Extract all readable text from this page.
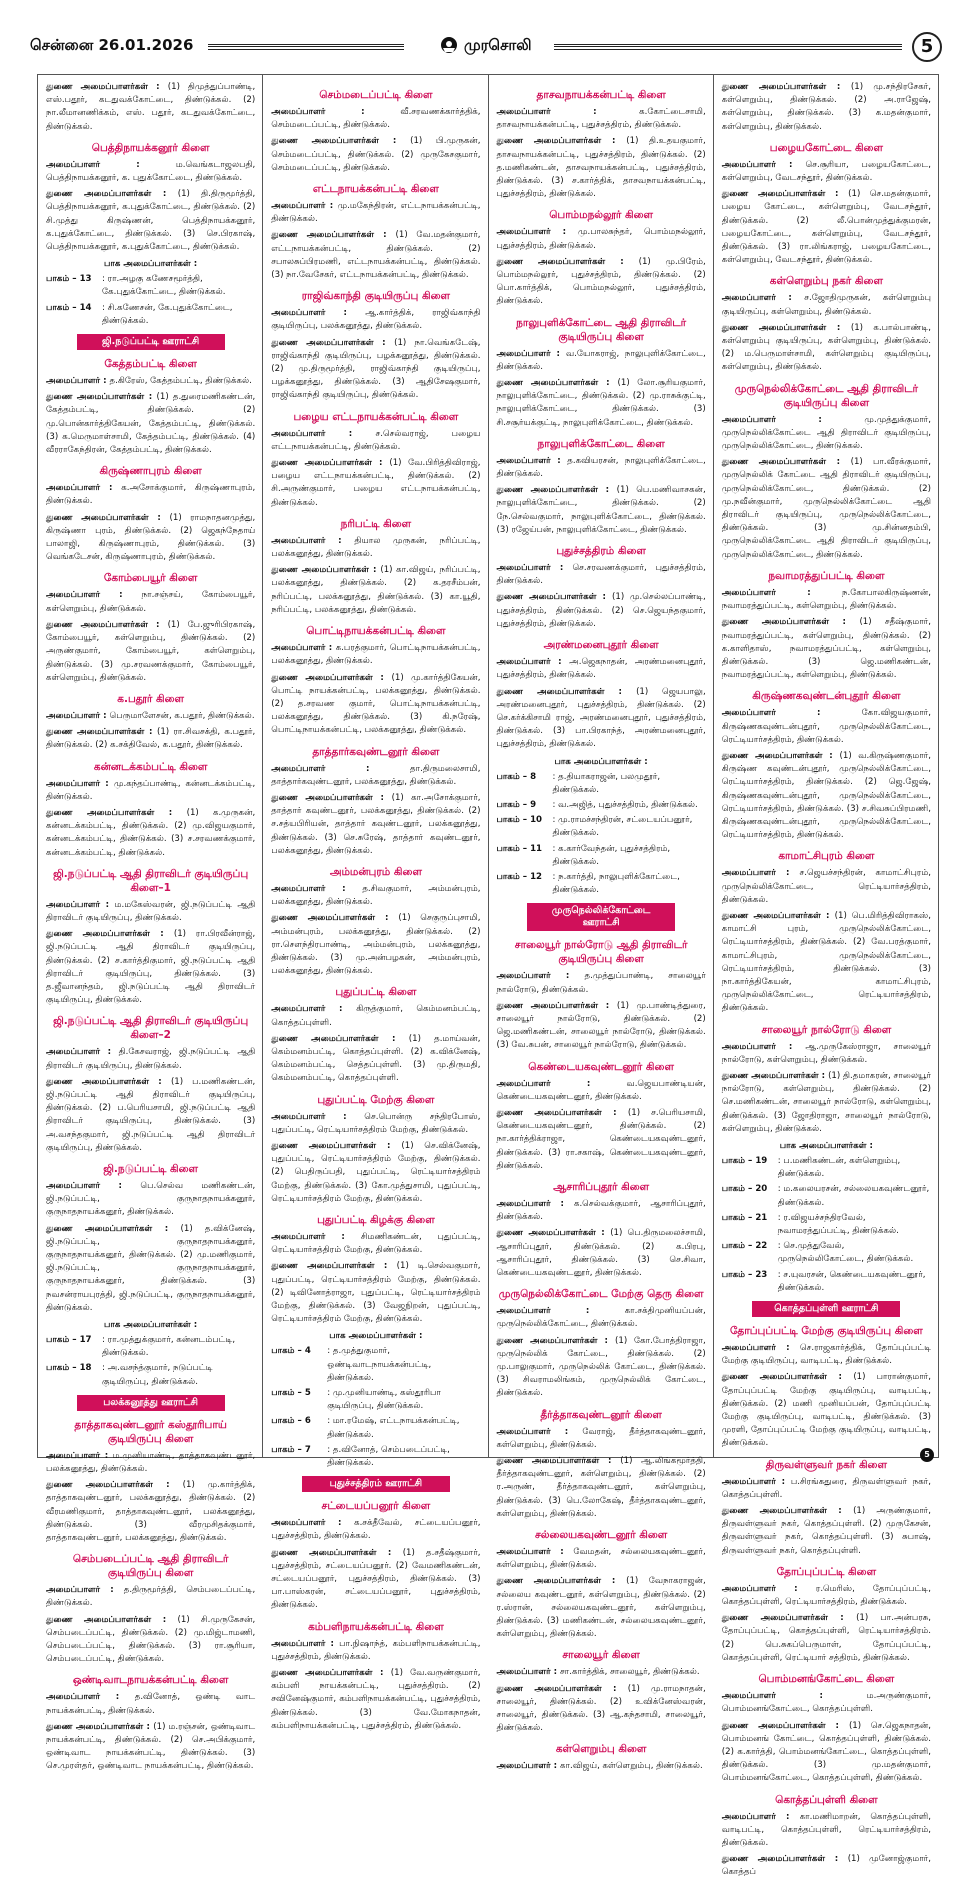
சென்னை 26.01.2026	முரசொலி	5

துணை அமைப்பாளர்கள் : (1) திமுத்துப்பாண்டி, எஸ்.பதூர், கடதுவக்கோட்டை, திண்டுக்கல். (2) நா.லீமானணிக்கம், எஸ். பதூர், கடதுவக்கோட்டை, திண்டுக்கல்.

பெத்திநாயக்கனூர் கிளை

அமைப்பாளர் : ம.வெங்கடாஜலபதி, பெத்திநாயக்கனூர், க. புதுக்கோட்டை, திண்டுக்கல்.

துணை அமைப்பாளர்கள் : (1) தி.திருமூர்த்தி, பெத்திநாயக்கனூர், க.புதுக்கோட்டை, திண்டுக்கல். (2) சி.முத்து கிருஷ்ணன், பெத்திநாயக்கனூர், க.புதுக்கோட்டை, திண்டுக்கல். (3) செ.பிரகாஷ், பெத்திநாயக்கனூர், க.புதுக்கோட்டை, திண்டுக்கல்.

பாக அமைப்பாளர்கள் :
பாகம் – 13	: ரா.அழகு கணேசமூர்த்தி, கே.புதுக்கோட்டை, திண்டுக்கல்.
பாகம் – 14	: சி.கணேசன், கே.புதுக்கோட்டை, திண்டுக்கல்.
ஜி.நடுப்பட்டி ஊராட்சி
கேத்தம்பட்டி கிளை

அமைப்பாளர் : த.கிரேஸ், கேத்தம்பட்டி, திண்டுக்கல்.

துணை அமைப்பாளர்கள் : (1) த.துரைமணிகண்டன், கேத்தம்பட்டி, திண்டுக்கல். (2) மு.பொன்கார்த்திகேயன், கேத்தம்பட்டி, திண்டுக்கல். (3) க.மெருமாள்சாமி, கேத்தம்பட்டி, திண்டுக்கல். (4) வீரராகேந்திரன், கேத்தம்பட்டி, திண்டுக்கல்.

கிருஷ்ணாபுரம் கிளை

அமைப்பாளர் : க.அசோக்குமார், கிருஷ்ணாபுரம், திண்டுக்கல்.

துணை அமைப்பாளர்கள் : (1) ராமநாதனமுத்து, கிருஷ்ணா புரம், திண்டுக்கல். (2) ஜெகந்நேதாய் பாலாஜி, கிருஷ்ணாபுரம், திண்டுக்கல். (3) வெங்கடேசன், கிருஷ்ணாபுரம், திண்டுக்கல்.

கோம்பையூர் கிளை

அமைப்பாளர் : நா.சஞ்சய், கோம்பையூர், கள்ளெறும்பு, திண்டுக்கல்.

துணை அமைப்பாளர்கள் : (1) பே.ஜுரிபிரகாஷ், கோம்பையூர், கள்ளெறும்பு, திண்டுக்கல். (2) அருண்குமார், கோம்பையூர், கள்ளெறும்பு, திண்டுக்கல். (3) மு.சரவணக்குமார், கோம்பையூர், கள்ளெறும்பு, திண்டுக்கல்.

க.பதூர் கிளை

அமைப்பாளர் : பெருமாளேசன், க.பதூர், திண்டுக்கல்.

துணை அமைப்பாளர்கள் : (1) ரா.சிவசக்தி, க.பதூர், திண்டுக்கல். (2) க.சக்திவேல், க.பதூர், திண்டுக்கல்.

கன்னடக்கம்பட்டி கிளை

அமைப்பாளர் : மு.கந்தப்பாண்டி, கன்னடக்கம்பட்டி, திண்டுக்கல்.

துணை அமைப்பாளர்கள் : (1) க.முருகன், கன்னடக்கம்பட்டி, திண்டுக்கல். (2) மு.விஜயகுமார், கன்னடக்கம்பட்டி, திண்டுக்கல். (3) ச.சரவணக்குமார், கன்னடக்கம்பட்டி, திண்டுக்கல்.

ஜி.நடுப்பட்டி ஆதி திராவிடர் குடியிருப்பு கிளை–1

அமைப்பாளர் : ம.மகேஸ்வரன், ஜி.நடுப்பட்டி ஆதி திராவிடர் குடியிருப்பு, திண்டுக்கல்.

துணை அமைப்பாளர்கள் : (1) ரா.பிரவீன்ராஜ், ஜி.நடுப்பட்டி ஆதி திராவிடர் குடியிருப்பு, திண்டுக்கல். (2) ச.கார்த்திகுமார், ஜி.நடுப்பட்டி ஆதி திராவிடர் குடியிருப்பு, திண்டுக்கல். (3) த.ஜீவானந்தம், ஜி.நடுப்பட்டி ஆதி திராவிடர் குடியிருப்பு, திண்டுக்கல்.

ஜி.நடுப்பட்டி ஆதி திராவிடர் குடியிருப்பு கிளை–2

அமைப்பாளர் : தி.கேசவராஜ், ஜி.நடுப்பட்டி ஆதி திராவிடர் குடியிருப்பு, திண்டுக்கல்.

துணை அமைப்பாளர்கள் : (1) ப.மணிகண்டன், ஜி.நடுப்பட்டி ஆதி திராவிடர் குடியிருப்பு, திண்டுக்கல். (2) ப.பெரியசாமி, ஜி.நடுப்பட்டி ஆதி திராவிடர் குடியிருப்பு, திண்டுக்கல். (3) அ.வசந்தகுமார், ஜி.நடுப்பட்டி ஆதி திராவிடர் குடியிருப்பு, திண்டுக்கல்.

ஜி.நடுப்பட்டி கிளை

அமைப்பாளர் : பெ.செல்வ மணிகண்டன், ஜி.நடுப்பட்டி, குருநாதநாயக்கனூர், குருநாதநாயக்கனூர், திண்டுக்கல்.

துணை அமைப்பாளர்கள் : (1) த.விக்னேஷ், ஜி.நடுப்பட்டி, குருநாதநாயக்கனூர், குருநாதநாயக்கனூர், திண்டுக்கல். (2) மு.மணிகுமார், ஜி.நடுப்பட்டி, குருநாதநாயக்கனூர், குருநாதநாயக்கனூர், திண்டுக்கல். (3) நவசன்ராயபுரத்தி, ஜி.நடுப்பட்டி, குருநாதநாயக்கனூர், திண்டுக்கல்.

பாக அமைப்பாளர்கள் :
பாகம் – 17	: ரா.முத்துக்குமார், கன்னடம்பட்டி, திண்டுக்கல்.
பாகம் – 18	: அ.வசந்த்குமார், நடுப்பட்டி குடியிருப்பு, திண்டுக்கல்.
பலக்கனூத்து ஊராட்சி
தாத்தாகவுண்டனூர் கஸ்தூரிபாய் குடியிருப்பு கிளை

அமைப்பாளர் : ம.முனியாண்டி, தாத்தாகவுண்டனூர், பலக்கனூத்து, திண்டுக்கல்.

துணை அமைப்பாளர்கள் : (1) மு.கார்த்திக், தாத்தாகவுண்டனூர், பலக்கனூத்து, திண்டுக்கல். (2) வீரமணிகுமார், தாத்தாகவுண்டனூர், பலக்கனூத்து, திண்டுக்கல். (3) வீரமுசிதக்குமார், தாத்தாகவுண்டனூர், பலக்கனூத்து, திண்டுக்கல்.

செம்படைப்பட்டி ஆதி திராவிடர் குடியிருப்பு கிளை

அமைப்பாளர் : த.திருமூர்த்தி, செம்படைப்பட்டி, திண்டுக்கல்.

துணை அமைப்பாளர்கள் : (1) சி.முருகேசன், செம்படைப்பட்டி, திண்டுக்கல். (2) மு.மிஜ்டாமணி, செம்படைப்பட்டி, திண்டுக்கல். (3) ரா.சூரியா, செம்படைப்பட்டி, திண்டுக்கல்.

ஒண்டிவாடநாயக்கன்பட்டி கிளை

அமைப்பாளர் : த.வினோத், ஒண்டி வாட நாயக்கன்பட்டி, திண்டுக்கல்.

துணை அமைப்பாளர்கள் : (1) ம.ரஞ்சன், ஒண்டிவாட நாயக்கன்பட்டி, திண்டுக்கல். (2) செ.அபிக்குமார், ஒண்டிவாட நாயக்கன்பட்டி, திண்டுக்கல். (3) செ.முரள்தர், ஒண்டிவாட நாயக்கன்பட்டி, திண்டுக்கல்.

செம்மடைப்பட்டி கிளை

அமைப்பாளர் : வீ.சரவணக்கார்த்திக், செம்மடைப்பட்டி, திண்டுக்கல்.

துணை அமைப்பாளர்கள் : (1) பி.முருகன், செம்மடைப்பட்டி, திண்டுக்கல். (2) முருகேசகுமார், செம்மடைப்பட்டி, திண்டுக்கல்.

எட்டநாயக்கன்பட்டி கிளை

அமைப்பாளர் : மு.மகேந்திரன், எட்டநாயக்கன்பட்டி, திண்டுக்கல்.

துணை அமைப்பாளர்கள் : (1) வே.மதன்குமார், எட்டநாயக்கன்பட்டி, திண்டுக்கல். (2) சபாலசுப்பிரமணி, எட்டநாயக்கன்பட்டி, திண்டுக்கல். (3) நா.வேசேகர், எட்டநாயக்கன்பட்டி, திண்டுக்கல்.

ராஜிவ்காந்தி குடியிருப்பு கிளை

அமைப்பாளர் : ஆ.கார்த்திக், ராஜிவ்காந்தி குடியிருப்பு, பலக்கனூத்து, திண்டுக்கல்.

துணை அமைப்பாளர்கள் : (1) நா.வெங்கடேஷ், ராஜிவ்காந்தி குடியிருப்பு, பழக்கனூத்து, திண்டுக்கல். (2) மு.திருமூர்த்தி, ராஜிவ்காந்தி குடியிருப்பு, பழக்கனூத்து, திண்டுக்கல். (3) ஆதிசேஷகுமார், ராஜிவ்காந்தி குடியிருப்பு, திண்டுக்கல்.

பழைய எட்டநாயக்கன்பட்டி கிளை

அமைப்பாளர் : ச.செல்வராஜ், பழைய எட்டநாயக்கன்பட்டி, திண்டுக்கல்.

துணை அமைப்பாளர்கள் : (1) வே.பிரித்திவிராஜ், பழைய எட்டநாயக்கன்பட்டி, திண்டுக்கல். (2) சி.அருண்குமார், பழைய எட்டநாயக்கன்பட்டி, திண்டுக்கல்.

நரிபட்டி கிளை

அமைப்பாளர் : தியால முருகன், நரிப்பட்டி, பலக்கனூத்து, திண்டுக்கல்.

துணை அமைப்பாளர்கள் : (1) கா.விஜய், நரிப்பட்டி, பலக்கனூத்து, திண்டுக்கல். (2) க.தரசீம்பன், நரிப்பட்டி, பலக்கனூத்து, திண்டுக்கல். (3) கா.யூதி, நரிப்பட்டி, பலக்கனூத்து, திண்டுக்கல்.

பொட்டிநாயக்கன்பட்டி கிளை

அமைப்பாளர் : க.பரத்குமார், பொட்டிநாயக்கன்பட்டி, பலக்கனூத்து, திண்டுக்கல்.

துணை அமைப்பாளர்கள் : (1) மு.கார்த்திகேயன், பொட்டி நாயக்கன்பட்டி, பலக்கனூத்து, திண்டுக்கல். (2) த.சரவண குமார், பொட்டிநாயக்கன்பட்டி, பலக்கனூத்து, திண்டுக்கல். (3) கி.நரேஷ், பொட்டிநாயக்கன்பட்டி, பலக்கனூத்து, திண்டுக்கல்.

தாத்தார்கவுண்டனூர் கிளை

அமைப்பாளர் : தா.திருமலைசாமி, தாத்தார்கவுண்டனூர், பலக்கனூத்து, திண்டுக்கல்.

துணை அமைப்பாளர்கள் : (1) கா.அசோக்குமார், தாத்தார் கவுண்டனூர், பலக்கனூத்து, திண்டுக்கல். (2) ச.சத்யபிரியன், தாத்தார் கவுண்டனூர், பலக்கனூத்து, திண்டுக்கல். (3) செ.சுரேஷ், தாத்தார் கவுண்டனூர், பலக்கனூத்து, திண்டுக்கல்.

அம்மன்புரம் கிளை

அமைப்பாளர் : த.சிவகுமார், அம்மன்புரம், பலக்கனூத்து, திண்டுக்கல்.

துணை அமைப்பாளர்கள் : (1) செகுருப்புசாமி, அம்மன்புரம், பலக்கனூத்து, திண்டுக்கல். (2) ரா.சௌந்திரபாண்டி, அம்மன்புரம், பலக்கனூத்து, திண்டுக்கல். (3) மு.அன்பழகன், அம்மன்புரம், பலக்கனூத்து, திண்டுக்கல்.

புதுப்பட்டி கிளை

அமைப்பாளர் : கிருத்குமார், கெம்மனம்பட்டி, கொத்தப்புள்ளி.

துணை அமைப்பாளர்கள் : (1) த.மாய்வன், கெம்மனம்பட்டி, கொத்தப்புள்ளி. (2) க.விக்னேஷ், கெம்மனம்பட்டி, செத்தப்புள்ளி. (3) மு.திருமதி, கெம்மனம்பட்டி, கொத்தப்புள்ளி.

புதுப்பட்டி மேற்கு கிளை

அமைப்பாளர் : செ.பொன்ரு சந்திரபோஸ், புதுப்பட்டி, ரெட்டியார்சத்திரம் மேற்கு, திண்டுக்கல்.

துணை அமைப்பாளர்கள் : (1) செ.விக்னேஷ், புதுப்பட்டி, ரெட்டியார்சத்திரம் மேற்கு, திண்டுக்கல். (2) பெதிருப்பதி, புதுப்பட்டி, ரெட்டியார்சத்திரம் மேற்கு, திண்டுக்கல். (3) கோ.முத்துசாமி, புதுப்பட்டி, ரெட்டியார்சத்திரம் மேற்கு, திண்டுக்கல்.

புதுப்பட்டி கிழக்கு கிளை

அமைப்பாளர் : சிமணிகண்டன், புதுப்பட்டி, ரெட்டியார்சத்திரம் மேற்கு, திண்டுக்கல்.

துணை அமைப்பாளர்கள் : (1) டி.செல்வகுமார், புதுப்பட்டி, ரெட்டியார்சத்திரம் மேற்கு, திண்டுக்கல். (2) டிவினோத்ராஜா, புதுப்பட்டி, ரெட்டியார்சத்திரம் மேற்கு, திண்டுக்கல். (3) வேஜநிறன், புதுப்பட்டி, ரெட்டியார்சத்திரம் மேற்கு, திண்டுக்கல்.

பாக அமைப்பாளர்கள் :
பாகம் – 4	: த.முத்துகுமார், ஒண்டிவாடநாயக்கன்பட்டி, திண்டுக்கல்.
பாகம் – 5	: மு.முனியாண்டி, கஸ்தூரிபா குடியிருப்பு, திண்டுக்கல்.
பாகம் – 6	: மா.ரமேஷ், எட்டநாயக்கன்பட்டி, திண்டுக்கல்.
பாகம் – 7	: த.வினோத், செம்படைப்பட்டி, திண்டுக்கல்.
புதுச்சத்திரம் ஊராட்சி
சட்டையப்பனூர் கிளை

அமைப்பாளர் : க.சக்தீவேல், சட்டையப்பனூர், புதுச்சத்திரம், திண்டுக்கல்.

துணை அமைப்பாளர்கள் : (1) த.சதீஷ்குமார், புதுச்சத்திரம், சட்டையப்பனூர். (2) வேமணிகண்டன், சட்டையப்பனூர், புதுச்சத்திரம், திண்டுக்கல். (3) பா.பாஸ்கரன், சட்டையப்பனூர், புதுச்சத்திரம், திண்டுக்கல்.

கம்பளிநாயக்கன்பட்டி கிளை

அமைப்பாளர் : பா.நிஷாந்த், கம்பளிநாயக்கன்பட்டி, புதுச்சத்திரம், திண்டுக்கல்.

துணை அமைப்பாளர்கள் : (1) வே.வருண்குமார், கம்பளி நாயக்கன்பட்டி, புதுச்சத்திரம். (2) சவினேஷ்குமார், கம்பளிநாயக்கன்பட்டி, புதுச்சத்திரம், திண்டுக்கல். (3) வே.மோகநாதன், கம்பளிநாயக்கன்பட்டி, புதுச்சத்திரம், திண்டுக்கல்.

தாசவநாயக்கன்பட்டி கிளை

அமைப்பாளர் : க.கோட்டைசாமி, தாசவநாயக்கன்பட்டி, புதுச்சத்திரம், திண்டுக்கல்.

துணை அமைப்பாளர்கள் : (1) தி.உதயகுமார், தாசவநாயக்கன்பட்டி, புதுச்சத்திரம், திண்டுக்கல். (2) த.மணிகண்டன், தாசவநாயக்கன்பட்டி, புதுச்சத்திரம், திண்டுக்கல். (3) ச.கார்த்திக், தாசவநாயக்கன்பட்டி, புதுச்சத்திரம், திண்டுக்கல்.

பொம்மநல்லூர் கிளை

அமைப்பாளர் : மு.பாலசுந்தர், பொம்மநல்லூர், புதுச்சத்திரம், திண்டுக்கல்.

துணை அமைப்பாளர்கள் : (1) மு.பிரேம், பொம்மநல்லூர், புதுச்சத்திரம், திண்டுக்கல். (2) பொ.கார்த்திக், பொம்மநல்லூர், புதுச்சத்திரம், திண்டுக்கல்.

நாலுபுளிக்கோட்டை ஆதி திராவிடர் குடியிருப்பு கிளை

அமைப்பாளர் : வ.யோகராஜ், நாலுபுளிக்கோட்டை, திண்டுக்கல்.

துணை அமைப்பாளர்கள் : (1) லோ.சூரியகுமார், நாலுபுளிக்கோட்டை, திண்டுக்கல். (2) மு.ராசுக்குட்டி, நாலுபுளிக்கோட்டை, திண்டுக்கல். (3) சி.சசூர்யக்குட்டி, நாலுபுளிக்கோட்டை, திண்டுக்கல்.

நாலுபுளிக்கோட்டை கிளை

அமைப்பாளர் : த.கவியரசன், நாலுபுளிக்கோட்டை, திண்டுக்கல்.

துணை அமைப்பாளர்கள் : (1) பெ.மணிவாசகன், நாலுபுளிக்கோட்டை, திண்டுக்கல். (2) நே.செல்வகுமார், நாலுபுளிக்கோட்டை, திண்டுக்கல். (3) ரஜேய்பன், நாலுபுளிக்கோட்டை, திண்டுக்கல்.

புதுச்சத்திரம் கிளை

அமைப்பாளர் : செ.சரவணக்குமார், புதுச்சத்திரம், திண்டுக்கல்.

துணை அமைப்பாளர்கள் : (1) மு.செல்லப்பாண்டி, புதுச்சத்திரம், திண்டுக்கல். (2) செ.ஜெயந்தகுமார், புதுச்சத்திரம், திண்டுக்கல்.

அரண்மனைபுதூர் கிளை

அமைப்பாளர் : அ.ஜெகநாதன், அரண்மனைபுதூர், புதுச்சத்திரம், திண்டுக்கல்.

துணை அமைப்பாளர்கள் : (1) ஜெயபாலு, அரண்மனைபுதூர், புதுச்சத்திரம், திண்டுக்கல். (2) செ.கர்க்கிசாமி ராஜ், அரண்மனைபுதூர், புதுச்சத்திரம், திண்டுக்கல். (3) பா.பிரகாந்த், அரண்மனைபுதூர், புதுச்சத்திரம், திண்டுக்கல்.

பாக அமைப்பாளர்கள் :
பாகம் – 8	: த.தியாகராஜன், பலமுதூர், திண்டுக்கல்.
பாகம் – 9	: வ.அஜித், புதுச்சத்திரம், திண்டுக்கல்.
பாகம் – 10	: மு.ராமச்சந்திரன், சட்டையப்பனூர், திண்டுக்கல்.
பாகம் – 11	: க.கார்வேந்தன், புதுச்சத்திரம், திண்டுக்கல்.
பாகம் – 12	: ந.கார்த்தி, நாலுபுளிக்கோட்டை, திண்டுக்கல்.
முருநெல்லிக்கோட்டை ஊராட்சி
சாலையூர் நால்ரோடு ஆதி திராவிடர் குடியிருப்பு கிளை

அமைப்பாளர் : த.முத்துப்பாண்டி, சாலையூர் நால்ரோடு, திண்டுக்கல்.

துணை அமைப்பாளர்கள் : (1) மு.பாண்டித்துரை, சாலையூர் நால்ரோடு, திண்டுக்கல். (2) ஜெ.மணிகண்டன், சாலையூர் நால்ரோடு, திண்டுக்கல். (3) வே.சுபன், சாலையூர் நால்ரோடு, திண்டுக்கல்.

கெண்டையகவுண்டனூர் கிளை

அமைப்பாளர் : வ.ஜெயபாண்டியன், கெண்டையகவுண்டனூர், திண்டுக்கல்.

துணை அமைப்பாளர்கள் : (1) ச.பெரியசாமி, கெண்டையகவுண்டனூர், திண்டுக்கல். (2) நா.கார்த்திக்ராஜா, கெண்டையகவுண்டனூர், திண்டுக்கல். (3) ரா.சகாஷ், கெண்டையகவுண்டனூர், திண்டுக்கல்.

ஆசாரிப்புதூர் கிளை

அமைப்பாளர் : க.செல்வக்குமார், ஆசாரிப்புதூர், திண்டுக்கல்.

துணை அமைப்பாளர்கள் : (1) பெ.திருமலைச்சாமி, ஆசாரிப்புதூர், திண்டுக்கல். (2) க.பிரபு, ஆசாரிப்புதூர், திண்டுக்கல். (3) செ.சிவா, கெண்டையகவுண்டனூர், திண்டுக்கல்.

முருநெல்லிக்கோட்டை மேற்கு தெரு கிளை

அமைப்பாளர் : கா.சக்திமுனியப்பன், முருநெல்லிக்கோட்டை, திண்டுக்கல்.

துணை அமைப்பாளர்கள் : (1) கோ.போத்திராஜா, முருநெல்லிக் கோட்டை, திண்டுக்கல். (2) மு.பாலுகுமார், முருநெல்லிக் கோட்டை, திண்டுக்கல். (3) சிவராமலிங்கம், முருநெல்லிக் கோட்டை, திண்டுக்கல்.

தீர்த்தாகவுண்டனூர் கிளை

அமைப்பாளர் : வேராஜ், தீர்த்தாகவுண்டனூர், கள்ளெறும்பு, திண்டுக்கல்.

துணை அமைப்பாளர்கள் : (1) ஆ.லிங்கமூர்த்தி, தீர்த்தாகவுண்டனூர், கள்ளெறும்பு, திண்டுக்கல். (2) ர.அருண், தீர்த்தாகவுண்டனூர், கள்ளெறும்பு, திண்டுக்கல். (3) பெ.லோகேஷ், தீர்த்தாகவுண்டனூர், கள்ளெறும்பு, திண்டுக்கல்.

சல்லையகவுண்டனூர் கிளை

அமைப்பாளர் : வேமதன், சல்லையகவுண்டனூர், கள்ளெறும்பு, திண்டுக்கல்.

துணை அமைப்பாளர்கள் : (1) வேநாகராஜன், சல்லைய கவுண்டனூர், கள்ளெறும்பு, திண்டுக்கல். (2) ர.ஸ்ரான், சல்லையகவுண்டனூர், கள்ளெறும்பு, திண்டுக்கல். (3) மணிகண்டன், சல்லையகவுண்டனூர், கள்ளெறும்பு, திண்டுக்கல்.

சாலையூர் கிளை

அமைப்பாளர் : சா.கார்த்திக், சாலையூர், திண்டுக்கல்.

துணை அமைப்பாளர்கள் : (1) மு.ராமநாதன், சாலையூர், திண்டுக்கல். (2) உவிக்னேஸ்வரன், சாலையூர், திண்டுக்கல். (3) ஆ.கந்தசாமி, சாலையூர், திண்டுக்கல்.

கள்ளெறும்பு கிளை

அமைப்பாளர் : கா.விஜய், கள்ளெறும்பு, திண்டுக்கல்.

துணை அமைப்பாளர்கள் : (1) மு.சந்திரசேகர், கள்ளெறும்பு, திண்டுக்கல். (2) அ.ராஜேஷ், கள்ளெறும்பு, திண்டுக்கல். (3) க.மதன்குமார், கள்ளெறும்பு, திண்டுக்கல்.

பழையகோட்டை கிளை

அமைப்பாளர் : செ.சூரியா, பழையகோட்டை, கள்ளெறும்பு, வேடசந்தூர், திண்டுக்கல்.

துணை அமைப்பாளர்கள் : (1) செ.மதன்குமார், பழைய கோட்டை, கள்ளெறும்பு, வேடசந்தூர், திண்டுக்கல். (2) லீ.பொன்முத்துக்குமரன், பழையகோட்டை, கள்ளெறும்பு, வேடசந்தூர், திண்டுக்கல். (3) ரா.லிங்கராஜ், பழையகோட்டை, கள்ளெறும்பு, வேடசந்தூர், திண்டுக்கல்.

கள்ளெறும்பு நகர் கிளை

அமைப்பாளர் : ச.ஜோதிமுருகன், கள்ளெறும்பு குடியிருப்பு, கள்ளெறும்பு, திண்டுக்கல்.

துணை அமைப்பாளர்கள் : (1) க.பால்பாண்டி, கள்ளெறும்பு குடியிருப்பு, கள்ளெறும்பு, திண்டுக்கல். (2) ம.பெருமாள்சாமி, கள்ளெறும்பு குடியிருப்பு, கள்ளெறும்பு, திண்டுக்கல்.

முருநெல்லிக்கோட்டை ஆதி திராவிடர் குடியிருப்பு கிளை

அமைப்பாளர் : மு.முத்துக்குமார், முருநெல்லிக்கோட்டை ஆதி திராவிடர் குடியிருப்பு, முருநெல்லிக்கோட்டை, திண்டுக்கல்.

துணை அமைப்பாளர்கள் : (1) பா.வீரக்குமார், முருநெல்லிக் கோட்டை ஆதி திராவிடர் குடியிருப்பு, முருநெல்லிக்கோட்டை, திண்டுக்கல். (2) மு.நவீன்குமார், முருநெல்லிக்கோட்டை ஆதி திராவிடர் குடியிருப்பு, முருநெல்லிக்கோட்டை, திண்டுக்கல். (3) மு.சின்னதம்பி, முருநெல்லிக்கோட்டை ஆதி திராவிடர் குடியிருப்பு, முருநெல்லிக்கோட்டை, திண்டுக்கல்.

நவாமரத்துப்பட்டி கிளை

அமைப்பாளர் : ந.கோபாலகிருஷ்ணன், நவாமரத்துப்பட்டி, கள்ளெறும்பு, திண்டுக்கல்.

துணை அமைப்பாளர்கள் : (1) சதீஷ்குமார், நவாமரத்துப்பட்டி, கள்ளெறும்பு, திண்டுக்கல். (2) க.காளிதாஸ், நவாமரத்துப்பட்டி, கள்ளெறும்பு, திண்டுக்கல். (3) ஜெ.மணிகண்டன், நவாமரத்துப்பட்டி, கள்ளெறும்பு, திண்டுக்கல்.

கிருஷ்ணகவுண்டன்புதூர் கிளை

அமைப்பாளர் : கோ.விஜயகுமார், கிருஷ்ணகவுண்டன்புதூர், முருநெல்லிக்கோட்டை, ரெட்டியார்சத்திரம், திண்டுக்கல்.

துணை அமைப்பாளர்கள் : (1) வ.கிருஷ்ணகுமார், கிருஷ்ண கவுண்டன்புதூர், முருநெல்லிக்கோட்டை, ரெட்டியார்சத்திரம், திண்டுக்கல். (2) ஜெ.ஜேஷ், கிருஷ்ணகவுண்டன்புதூர், முருநெல்லிக்கோட்டை, ரெட்டியார்சத்திரம், திண்டுக்கல். (3) ச.சிவசுப்பிரமணி, கிருஷ்ணகவுண்டன்புதூர், முருநெல்லிக்கோட்டை, ரெட்டியார்சத்திரம், திண்டுக்கல்.

காமாட்சிபுரம் கிளை

அமைப்பாளர் : ச.ஜெயச்சந்திரன், காமாட்சிபுரம், முருநெல்லிக்கோட்டை, ரெட்டியார்சத்திரம், திண்டுக்கல்.

துணை அமைப்பாளர்கள் : (1) பெ.மிரித்திவிராகஸ், காமாட்சி புரம், முருநெல்லிக்கோட்டை, ரெட்டியார்சத்திரம், திண்டுக்கல். (2) வே.பரத்குமார், காமாட்சிபுரம், முருநெல்லிக்கோட்டை, ரெட்டியார்சத்திரம், திண்டுக்கல். (3) நா.கார்த்திகேயன், காமாட்சிபுரம், முருநெல்லிக்கோட்டை, ரெட்டியார்சத்திரம், திண்டுக்கல்.

சாலையூர் நால்ரோடு கிளை

அமைப்பாளர் : ஆ.முருகேஸ்ராஜா, சாலையூர் நால்ரோடு, கள்ளெறும்பு, திண்டுக்கல்.

துணை அமைப்பாளர்கள் : (1) தி.தமாகரன், சாலையூர் நால்ரோடு, கள்ளெறும்பு, திண்டுக்கல். (2) செ.மணிகண்டன், சாலையூர் நால்ரோடு, கள்ளெறும்பு, திண்டுக்கல். (3) ஜோதிராஜா, சாலையூர் நால்ரோடு, கள்ளெறும்பு, திண்டுக்கல்.

பாக அமைப்பாளர்கள் :
பாகம் – 19	: ப.மணிகண்டன், கள்ளெறும்பு, திண்டுக்கல்.
பாகம் – 20	: ம.கலையரசன், சல்லையகவுண்டனூர், திண்டுக்கல்.
பாகம் – 21	: ர.விஜயச்சந்திரவேல், நவாமரத்துப்பட்டி, திண்டுக்கல்.
பாகம் – 22	: செ.முத்துவேல், முருநெல்லிகோட்டை, திண்டுக்கல்.
பாகம் – 23	: ச.யுவரசன், கெண்டையகவுண்டனூர், திண்டுக்கல்.
கொத்தப்புள்ளி ஊராட்சி
தோப்புப்பட்டி மேற்கு குடியிருப்பு கிளை

அமைப்பாளர் : செ.ராஜகார்த்திக், தோப்புப்பட்டி மேற்கு குடியிருப்பு, வாடிபட்டி, திண்டுக்கல்.

துணை அமைப்பாளர்கள் : (1) பாரான்குமார், தோப்புப்பட்டி மேற்கு குடியிருப்பு, வாடிபட்டி, திண்டுக்கல். (2) மணி முனியப்பன், தோப்புப்பட்டி மேற்கு குடியிருப்பு, வாடிபட்டி, திண்டுக்கல். (3) முரளி, தோப்புப்பட்டி மேற்கு குடியிருப்பு, வாடிபட்டி, திண்டுக்கல்.

திருவள்ளுவர் நகர் கிளை

அமைப்பாளர் : ப.சிரங்கதுரை, திருவள்ளுவர் நகர், கொத்தப்புள்ளி.

துணை அமைப்பாளர்கள் : (1) அருண்குமார், திருவள்ளுவர் நகர், கொத்தப்புள்ளி. (2) முருகேசன், திருவள்ளுவர் நகர், கொத்தப்புள்ளி. (3) சுபாஷ், திருவள்ளுவர் நகர், கொத்தப்புள்ளி.

தோப்புப்பட்டி கிளை

அமைப்பாளர் : ர.மெரிஸ், தோப்புப்பட்டி, கொத்தப்புள்ளி, ரெட்டியார்சத்திரம், திண்டுக்கல்.

துணை அமைப்பாளர்கள் : (1) பா.அன்பரசு, தோப்புப்பட்டி, கொத்தப்புள்ளி, ரெட்டியார்சத்திரம். (2) பெ.சுகப்பெருமாள், தோப்புப்பட்டி, கொத்தப்புள்ளி, ரெட்டியார் சத்திரம், திண்டுக்கல்.

பொம்மனங்கோட்டை கிளை

அமைப்பாளர் : ம.அருண்குமார், பொம்மனங்கோட்டை, கொத்தப்புள்ளி.

துணை அமைப்பாளர்கள் : (1) செ.ஜெகநாதன், பொம்மனங் கோட்டை, கொத்தப்புள்ளி, திண்டுக்கல். (2) க.கார்த்தி, பொம்மனங்கோட்டை, கொத்தப்புள்ளி, திண்டுக்கல். (3) மு.மதன்குமார், பொம்மனங்கோட்டை, கொத்தப்புள்ளி, திண்டுக்கல்.

கொத்தப்புள்ளி கிளை

அமைப்பாளர் : கா.மணிமாறன், கொத்தப்புள்ளி, வாடிபட்டி, கொத்தப்புள்ளி, ரெட்டியார்சத்திரம், திண்டுக்கல்.

துணை அமைப்பாளர்கள் : (1) முனோஜ்குமார், கொத்தப்

5
